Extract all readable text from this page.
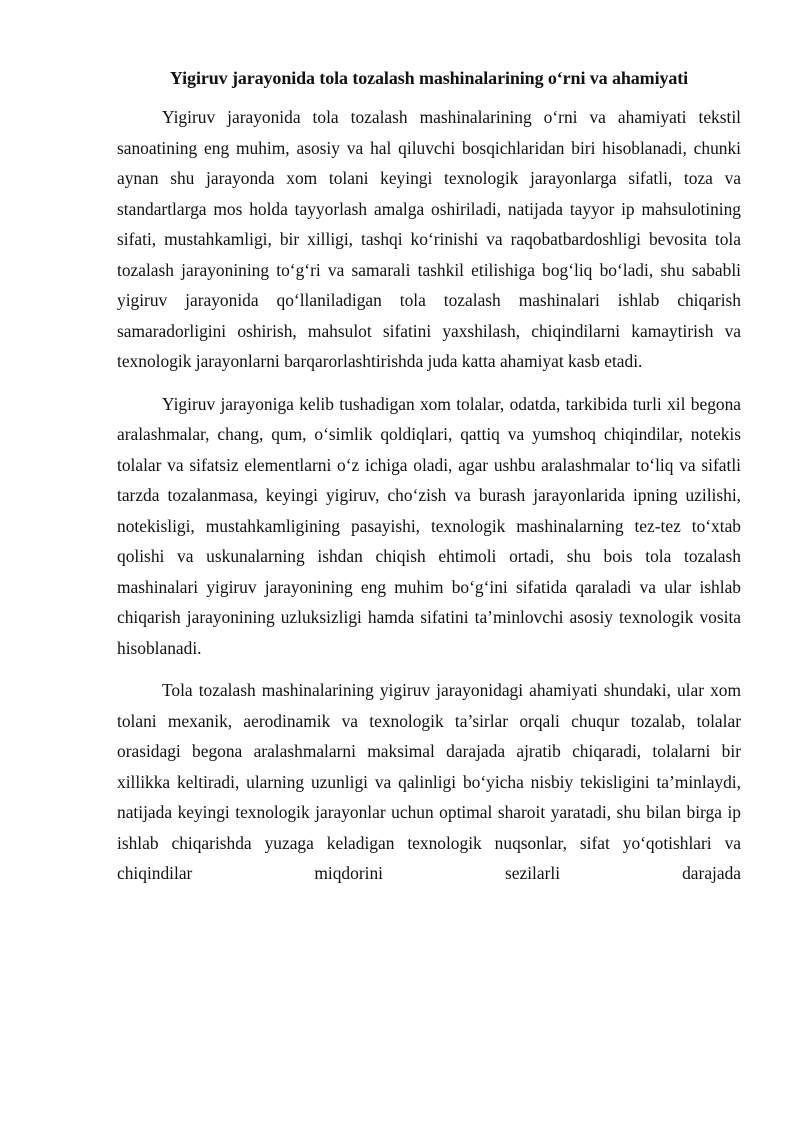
Yigiruv jarayonida tola tozalash mashinalarining o‘rni va ahamiyati

Yigiruv jarayonida tola tozalash mashinalarining o‘rni va ahamiyati tekstil sanoatining eng muhim, asosiy va hal qiluvchi bosqichlaridan biri hisoblanadi, chunki aynan shu jarayonda xom tolani keyingi texnologik jarayonlarga sifatli, toza va standartlarga mos holda tayyorlash amalga oshiriladi, natijada tayyor ip mahsulotining sifati, mustahkamligi, bir xilligi, tashqi ko‘rinishi va raqobatbardoshligi bevosita tola tozalash jarayonining to‘g‘ri va samarali tashkil etilishiga bog‘liq bo‘ladi, shu sababli yigiruv jarayonida qo‘llaniladigan tola tozalash mashinalari ishlab chiqarish samaradorligini oshirish, mahsulot sifatini yaxshilash, chiqindilarni kamaytirish va texnologik jarayonlarni barqarorlashtirishda juda katta ahamiyat kasb etadi.

Yigiruv jarayoniga kelib tushadigan xom tolalar, odatda, tarkibida turli xil begona aralashmalar, chang, qum, o‘simlik qoldiqlari, qattiq va yumshoq chiqindilar, notekis tolalar va sifatsiz elementlarni o‘z ichiga oladi, agar ushbu aralashmalar to‘liq va sifatli tarzda tozalanmasa, keyingi yigiruv, cho‘zish va burash jarayonlarida ipning uzilishi, notekisligi, mustahkamligining pasayishi, texnologik mashinalarning tez-tez to‘xtab qolishi va uskunalarning ishdan chiqish ehtimoli ortadi, shu bois tola tozalash mashinalari yigiruv jarayonining eng muhim bo‘g‘ini sifatida qaraladi va ular ishlab chiqarish jarayonining uzluksizligi hamda sifatini ta’minlovchi asosiy texnologik vosita hisoblanadi.

Tola tozalash mashinalarining yigiruv jarayonidagi ahamiyati shundaki, ular xom tolani mexanik, aerodinamik va texnologik ta’sirlar orqali chuqur tozalab, tolalar orasidagi begona aralashmalarni maksimal darajada ajratib chiqaradi, tolalarni bir xillikka keltiradi, ularning uzunligi va qalinligi bo‘yicha nisbiy tekisligini ta’minlaydi, natijada keyingi texnologik jarayonlar uchun optimal sharoit yaratadi, shu bilan birga ip ishlab chiqarishda yuzaga keladigan texnologik nuqsonlar, sifat yo‘qotishlari va chiqindilar miqdorini sezilarli darajada
